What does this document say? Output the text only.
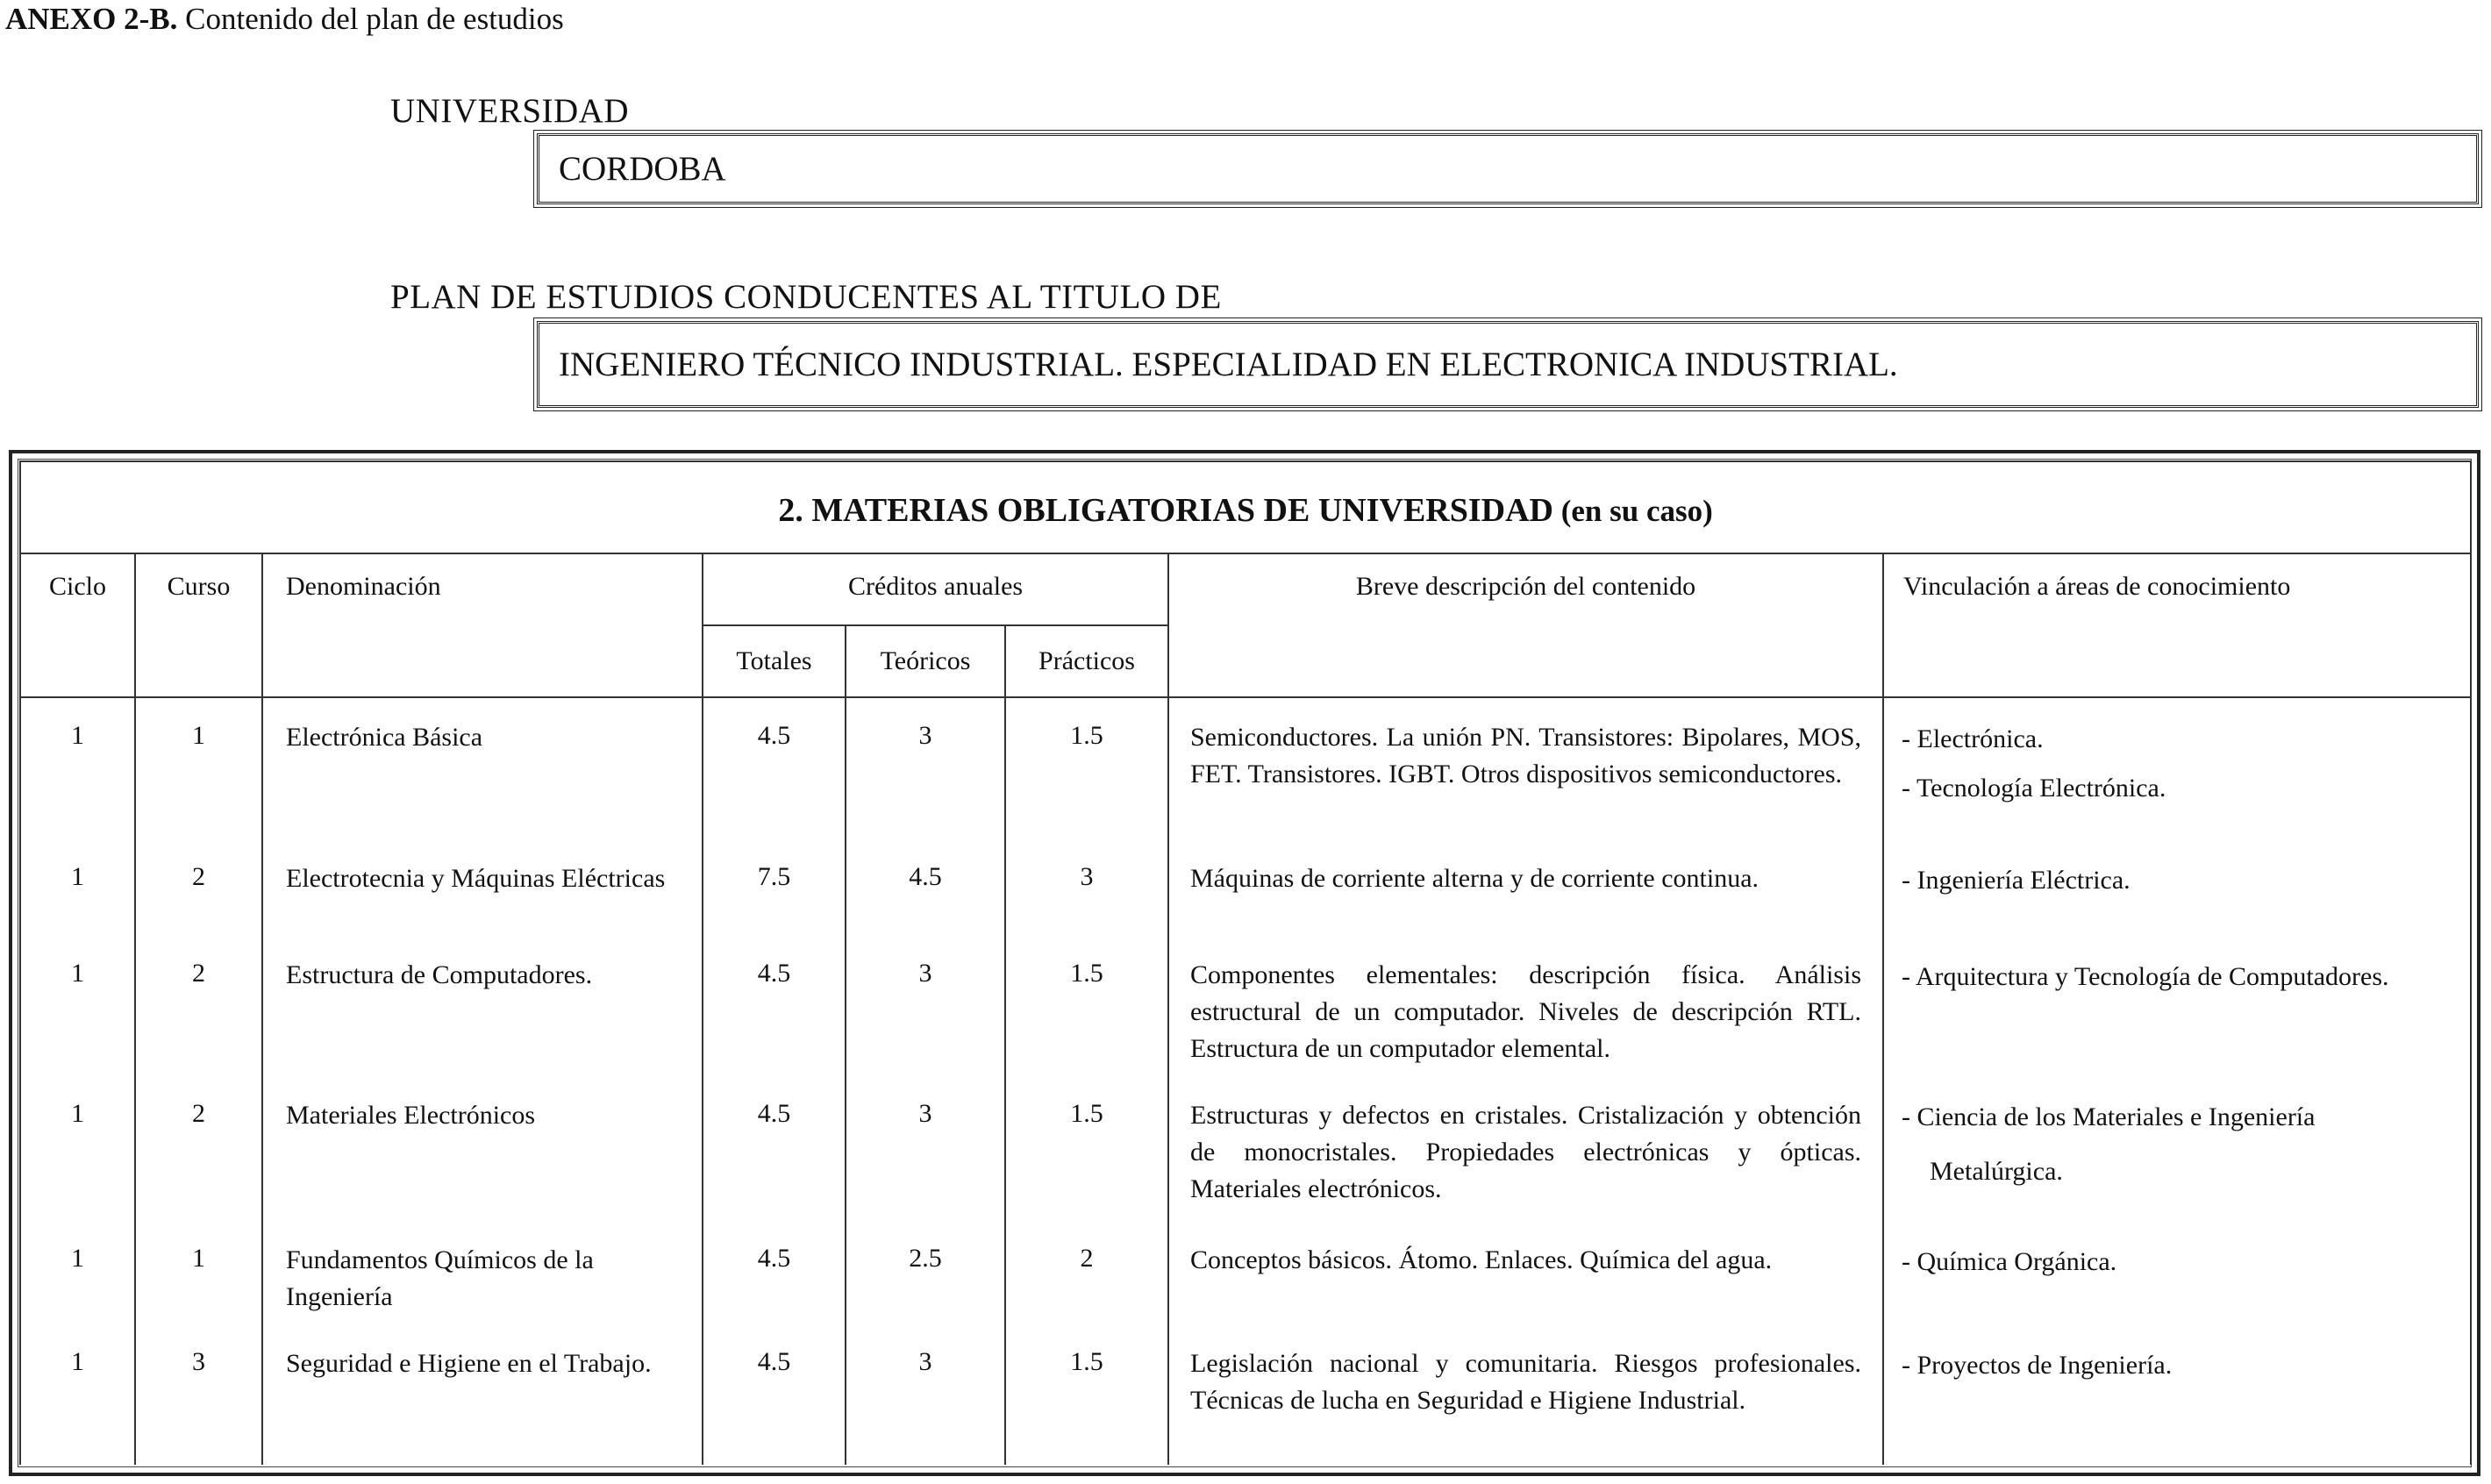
ANEXO 2-B. Contenido del plan de estudios
UNIVERSIDAD
CORDOBA
PLAN DE ESTUDIOS CONDUCENTES AL TITULO DE
INGENIERO TÉCNICO INDUSTRIAL. ESPECIALIDAD EN ELECTRONICA INDUSTRIAL.
2. MATERIAS OBLIGATORIAS DE UNIVERSIDAD (en su caso)							
Ciclo	Curso	Denominación	Créditos anuales			Breve descripción del contenido	Vinculación a áreas de conocimiento
			Totales	Teóricos	Prácticos		
1	1	Electrónica Básica	4.5	3	1.5	Semiconductores. La unión PN. Transistores: Bipolares, MOS, FET. Transistores. IGBT. Otros dispositivos semiconductores.	- Electrónica.
- Tecnología Electrónica.

1	2	Electrotecnia y Máquinas Eléctricas	7.5	4.5	3	Máquinas de corriente alterna y de corriente continua.	- Ingeniería Eléctrica.

1	2	Estructura de Computadores.	4.5	3	1.5	Componentes elementales: descripción física. Análisis estructural de un computador. Niveles de descripción RTL. Estructura de un computador elemental.	- Arquitectura y Tecnología de Computadores.

1	2	Materiales Electrónicos	4.5	3	1.5	Estructuras y defectos en cristales. Cristalización y obtención de monocristales. Propiedades electrónicas y ópticas. Materiales electrónicos.	- Ciencia de los Materiales e Ingeniería
Metalúrgica.

1	1	Fundamentos Químicos de la Ingeniería	4.5	2.5	2	Conceptos básicos. Átomo. Enlaces. Química del agua.	- Química Orgánica.

1	3	Seguridad e Higiene en el Trabajo.	4.5	3	1.5	Legislación nacional y comunitaria. Riesgos profesionales. Técnicas de lucha en Seguridad e Higiene Industrial.	- Proyectos de Ingeniería.
